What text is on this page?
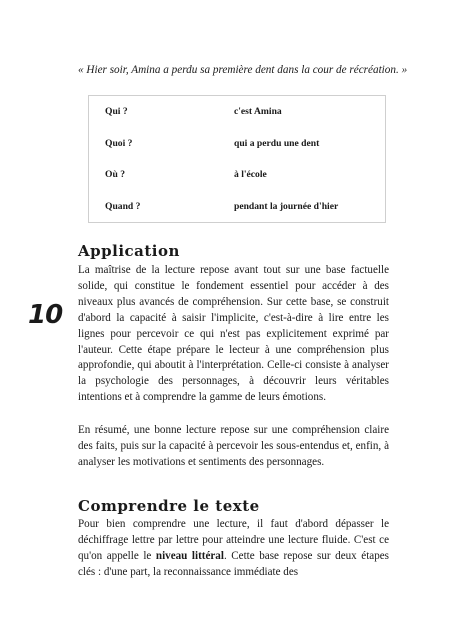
« Hier soir, Amina a perdu sa première dent dans la cour de récréation. »
Qui ?	c'est Amina
Quoi ?	qui a perdu une dent
Où ?	à l'école
Quand ?	pendant la journée d'hier
10
Application
La maîtrise de la lecture repose avant tout sur une base factuelle solide, qui constitue le fondement essentiel pour accéder à des niveaux plus avancés de compréhension. Sur cette base, se construit d'abord la capacité à saisir l'implicite, c'est-à-dire à lire entre les lignes pour percevoir ce qui n'est pas explicitement exprimé par l'auteur. Cette étape prépare le lecteur à une compréhension plus approfondie, qui aboutit à l'interprétation. Celle-ci consiste à analyser la psychologie des personnages, à découvrir leurs véritables intentions et à comprendre la gamme de leurs émotions.
En résumé, une bonne lecture repose sur une compréhension claire des faits, puis sur la capacité à percevoir les sous-entendus et, enfin, à analyser les motivations et sentiments des personnages.
Comprendre le texte
Pour bien comprendre une lecture, il faut d'abord dépasser le déchiffrage lettre par lettre pour atteindre une lecture fluide. C'est ce qu'on appelle le niveau littéral. Cette base repose sur deux étapes clés : d'une part, la reconnaissance immédiate des
